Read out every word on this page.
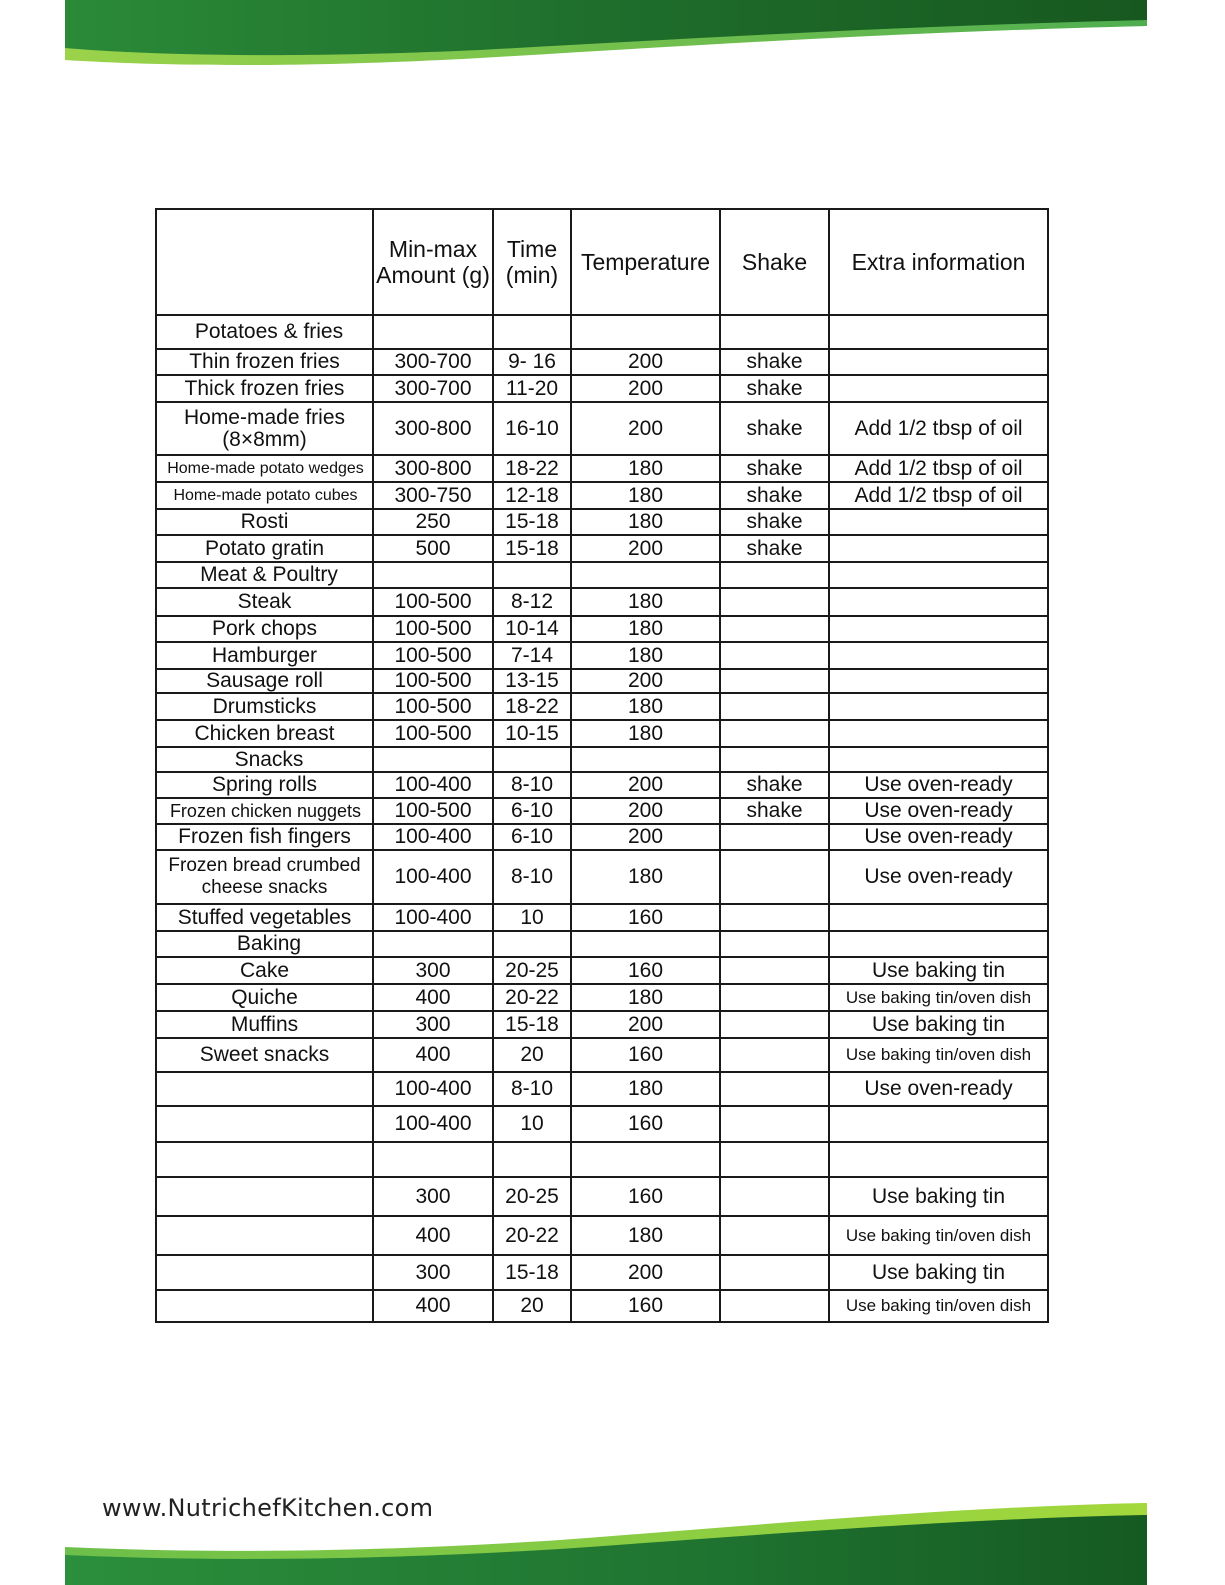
	Min-max Amount (g)	Time (min)	Temperature	Shake	Extra information
Potatoes & fries					
Thin frozen fries	300-700	9- 16	200	shake	
Thick frozen fries	300-700	11-20	200	shake	
Home-made fries (8×8mm)	300-800	16-10	200	shake	Add 1/2 tbsp of oil
Home-made potato wedges	300-800	18-22	180	shake	Add 1/2 tbsp of oil
Home-made potato cubes	300-750	12-18	180	shake	Add 1/2 tbsp of oil
Rosti	250	15-18	180	shake	
Potato gratin	500	15-18	200	shake	
Meat & Poultry					
Steak	100-500	8-12	180		
Pork chops	100-500	10-14	180		
Hamburger	100-500	7-14	180		
Sausage roll	100-500	13-15	200		
Drumsticks	100-500	18-22	180		
Chicken breast	100-500	10-15	180		
Snacks					
Spring rolls	100-400	8-10	200	shake	Use oven-ready
Frozen chicken nuggets	100-500	6-10	200	shake	Use oven-ready
Frozen fish fingers	100-400	6-10	200		Use oven-ready
Frozen bread crumbed cheese snacks	100-400	8-10	180		Use oven-ready
Stuffed vegetables	100-400	10	160		
Baking					
Cake	300	20-25	160		Use baking tin
Quiche	400	20-22	180		Use baking tin/oven dish
Muffins	300	15-18	200		Use baking tin
Sweet snacks	400	20	160		Use baking tin/oven dish
	100-400	8-10	180		Use oven-ready
	100-400	10	160		

	300	20-25	160		Use baking tin
	400	20-22	180		Use baking tin/oven dish
	300	15-18	200		Use baking tin
	400	20	160		Use baking tin/oven dish
www.NutrichefKitchen.com
